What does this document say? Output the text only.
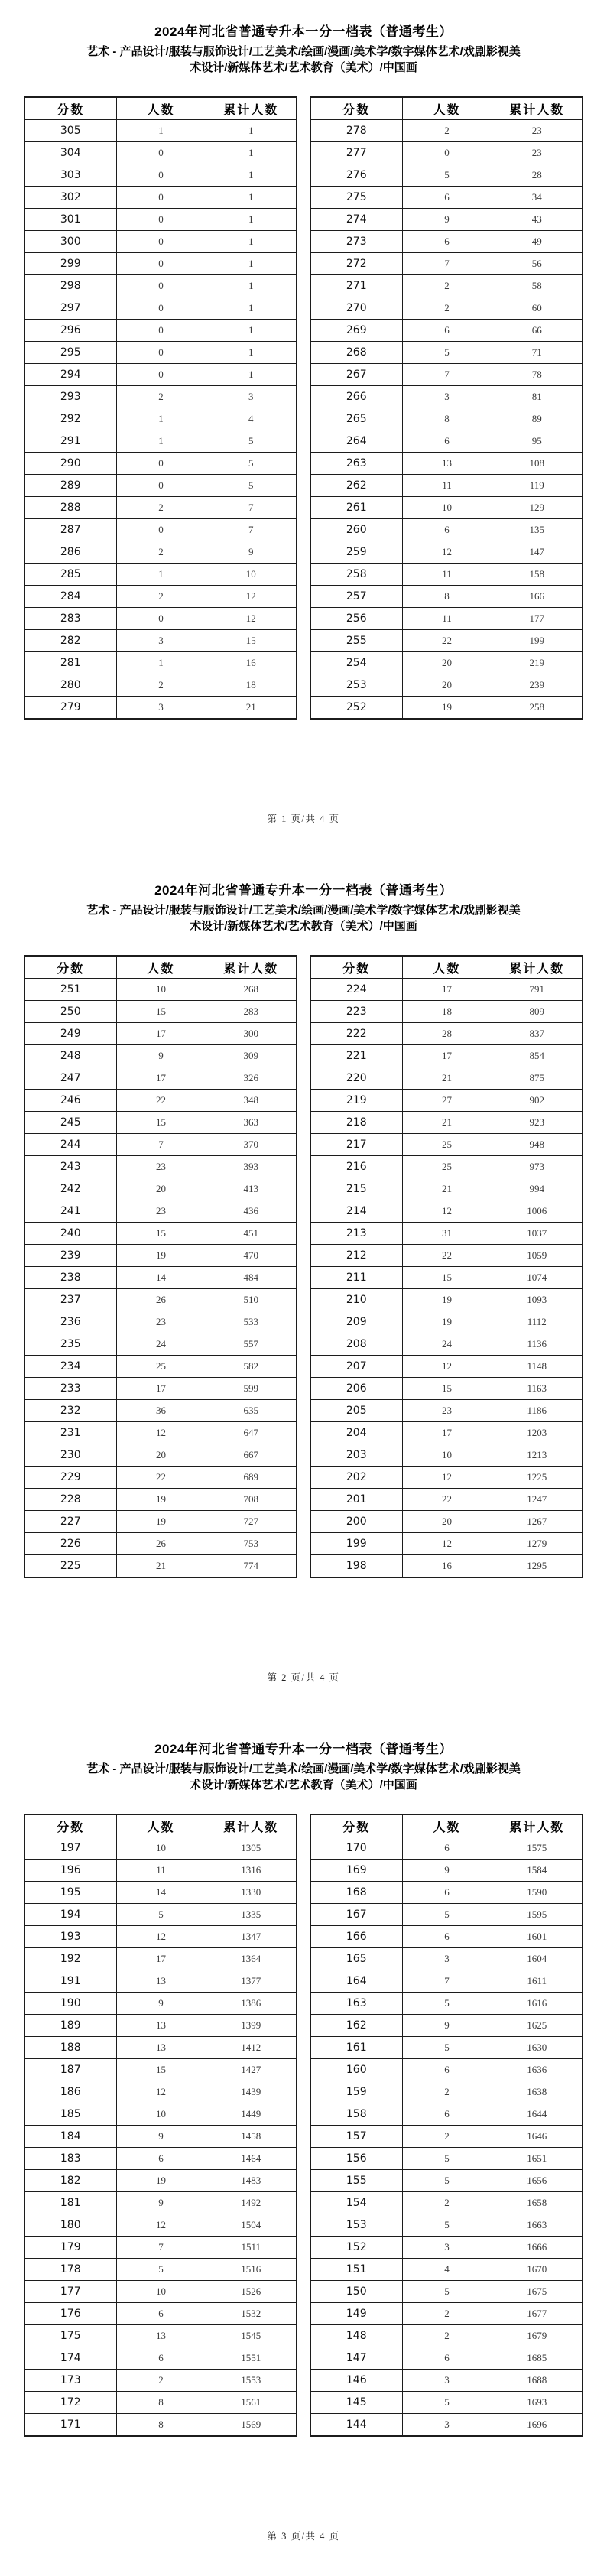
2024年河北省普通专升本一分一档表（普通考生）
艺术 - 产品设计/服装与服饰设计/工艺美术/绘画/漫画/美术学/数字媒体艺术/戏剧影视美
术设计/新媒体艺术/艺术教育（美术）/中国画
分数	人数	累计人数
305	1	1
304	0	1
303	0	1
302	0	1
301	0	1
300	0	1
299	0	1
298	0	1
297	0	1
296	0	1
295	0	1
294	0	1
293	2	3
292	1	4
291	1	5
290	0	5
289	0	5
288	2	7
287	0	7
286	2	9
285	1	10
284	2	12
283	0	12
282	3	15
281	1	16
280	2	18
279	3	21
分数	人数	累计人数
278	2	23
277	0	23
276	5	28
275	6	34
274	9	43
273	6	49
272	7	56
271	2	58
270	2	60
269	6	66
268	5	71
267	7	78
266	3	81
265	8	89
264	6	95
263	13	108
262	11	119
261	10	129
260	6	135
259	12	147
258	11	158
257	8	166
256	11	177
255	22	199
254	20	219
253	20	239
252	19	258
第 1 页/共 4 页
2024年河北省普通专升本一分一档表（普通考生）
艺术 - 产品设计/服装与服饰设计/工艺美术/绘画/漫画/美术学/数字媒体艺术/戏剧影视美
术设计/新媒体艺术/艺术教育（美术）/中国画
分数	人数	累计人数
251	10	268
250	15	283
249	17	300
248	9	309
247	17	326
246	22	348
245	15	363
244	7	370
243	23	393
242	20	413
241	23	436
240	15	451
239	19	470
238	14	484
237	26	510
236	23	533
235	24	557
234	25	582
233	17	599
232	36	635
231	12	647
230	20	667
229	22	689
228	19	708
227	19	727
226	26	753
225	21	774
分数	人数	累计人数
224	17	791
223	18	809
222	28	837
221	17	854
220	21	875
219	27	902
218	21	923
217	25	948
216	25	973
215	21	994
214	12	1006
213	31	1037
212	22	1059
211	15	1074
210	19	1093
209	19	1112
208	24	1136
207	12	1148
206	15	1163
205	23	1186
204	17	1203
203	10	1213
202	12	1225
201	22	1247
200	20	1267
199	12	1279
198	16	1295
第 2 页/共 4 页
2024年河北省普通专升本一分一档表（普通考生）
艺术 - 产品设计/服装与服饰设计/工艺美术/绘画/漫画/美术学/数字媒体艺术/戏剧影视美
术设计/新媒体艺术/艺术教育（美术）/中国画
分数	人数	累计人数
197	10	1305
196	11	1316
195	14	1330
194	5	1335
193	12	1347
192	17	1364
191	13	1377
190	9	1386
189	13	1399
188	13	1412
187	15	1427
186	12	1439
185	10	1449
184	9	1458
183	6	1464
182	19	1483
181	9	1492
180	12	1504
179	7	1511
178	5	1516
177	10	1526
176	6	1532
175	13	1545
174	6	1551
173	2	1553
172	8	1561
171	8	1569
分数	人数	累计人数
170	6	1575
169	9	1584
168	6	1590
167	5	1595
166	6	1601
165	3	1604
164	7	1611
163	5	1616
162	9	1625
161	5	1630
160	6	1636
159	2	1638
158	6	1644
157	2	1646
156	5	1651
155	5	1656
154	2	1658
153	5	1663
152	3	1666
151	4	1670
150	5	1675
149	2	1677
148	2	1679
147	6	1685
146	3	1688
145	5	1693
144	3	1696
第 3 页/共 4 页
